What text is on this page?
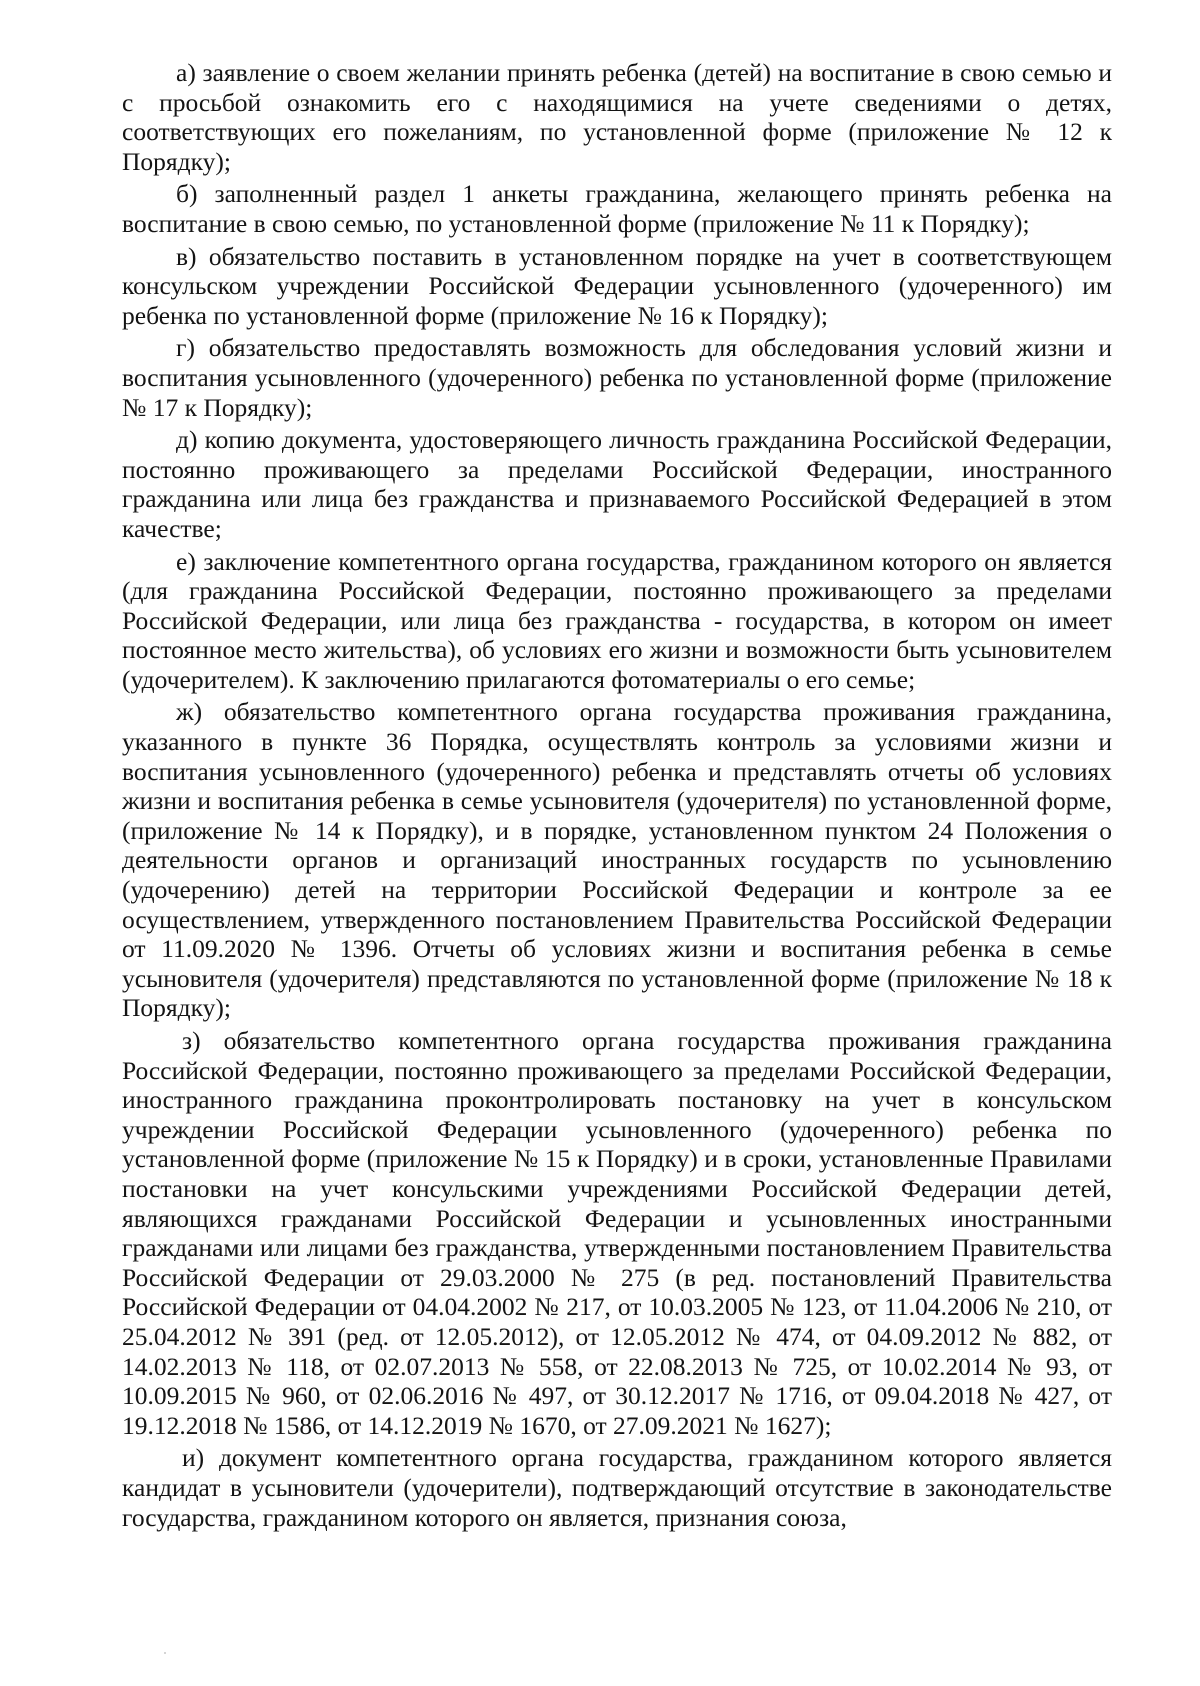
а) заявление о своем желании принять ребенка (детей) на воспитание в свою семью и с просьбой ознакомить его с находящимися на учете сведениями о детях, соответствующих его пожеланиям, по установленной форме (приложение № 12 к Порядку);

б) заполненный раздел 1 анкеты гражданина, желающего принять ребенка на воспитание в свою семью, по установленной форме (приложение № 11 к Порядку);

в) обязательство поставить в установленном порядке на учет в соответствующем консульском учреждении Российской Федерации усыновленного (удочеренного) им ребенка по установленной форме (приложение № 16 к Порядку);

г) обязательство предоставлять возможность для обследования условий жизни и воспитания усыновленного (удочеренного) ребенка по установленной форме (приложение № 17 к Порядку);

д) копию документа, удостоверяющего личность гражданина Российской Федерации, постоянно проживающего за пределами Российской Федерации, иностранного гражданина или лица без гражданства и признаваемого Российской Федерацией в этом качестве;

е) заключение компетентного органа государства, гражданином которого он является (для гражданина Российской Федерации, постоянно проживающего за пределами Российской Федерации, или лица без гражданства - государства, в котором он имеет постоянное место жительства), об условиях его жизни и возможности быть усыновителем (удочерителем). К заключению прилагаются фотоматериалы о его семье;

ж) обязательство компетентного органа государства проживания гражданина, указанного в пункте 36 Порядка, осуществлять контроль за условиями жизни и воспитания усыновленного (удочеренного) ребенка и представлять отчеты об условиях жизни и воспитания ребенка в семье усыновителя (удочерителя) по установленной форме, (приложение № 14 к Порядку), и в порядке, установленном пунктом 24 Положения о деятельности органов и организаций иностранных государств по усыновлению (удочерению) детей на территории Российской Федерации и контроле за ее осуществлением, утвержденного постановлением Правительства Российской Федерации от 11.09.2020 № 1396. Отчеты об условиях жизни и воспитания ребенка в семье усыновителя (удочерителя) представляются по установленной форме (приложение № 18 к Порядку);

з) обязательство компетентного органа государства проживания гражданина Российской Федерации, постоянно проживающего за пределами Российской Федерации, иностранного гражданина проконтролировать постановку на учет в консульском учреждении Российской Федерации усыновленного (удочеренного) ребенка по установленной форме (приложение № 15 к Порядку) и в сроки, установленные Правилами постановки на учет консульскими учреждениями Российской Федерации детей, являющихся гражданами Российской Федерации и усыновленных иностранными гражданами или лицами без гражданства, утвержденными постановлением Правительства Российской Федерации от 29.03.2000 № 275 (в ред. постановлений Правительства Российской Федерации от 04.04.2002 № 217, от 10.03.2005 № 123, от 11.04.2006 № 210, от 25.04.2012 № 391 (ред. от 12.05.2012), от 12.05.2012 № 474, от 04.09.2012 № 882, от 14.02.2013 № 118, от 02.07.2013 № 558, от 22.08.2013 № 725, от 10.02.2014 № 93, от 10.09.2015 № 960, от 02.06.2016 № 497, от 30.12.2017 № 1716, от 09.04.2018 № 427, от 19.12.2018 № 1586, от 14.12.2019 № 1670, от 27.09.2021 № 1627);

и) документ компетентного органа государства, гражданином которого является кандидат в усыновители (удочерители), подтверждающий отсутствие в законодательстве государства, гражданином которого он является, признания союза,
